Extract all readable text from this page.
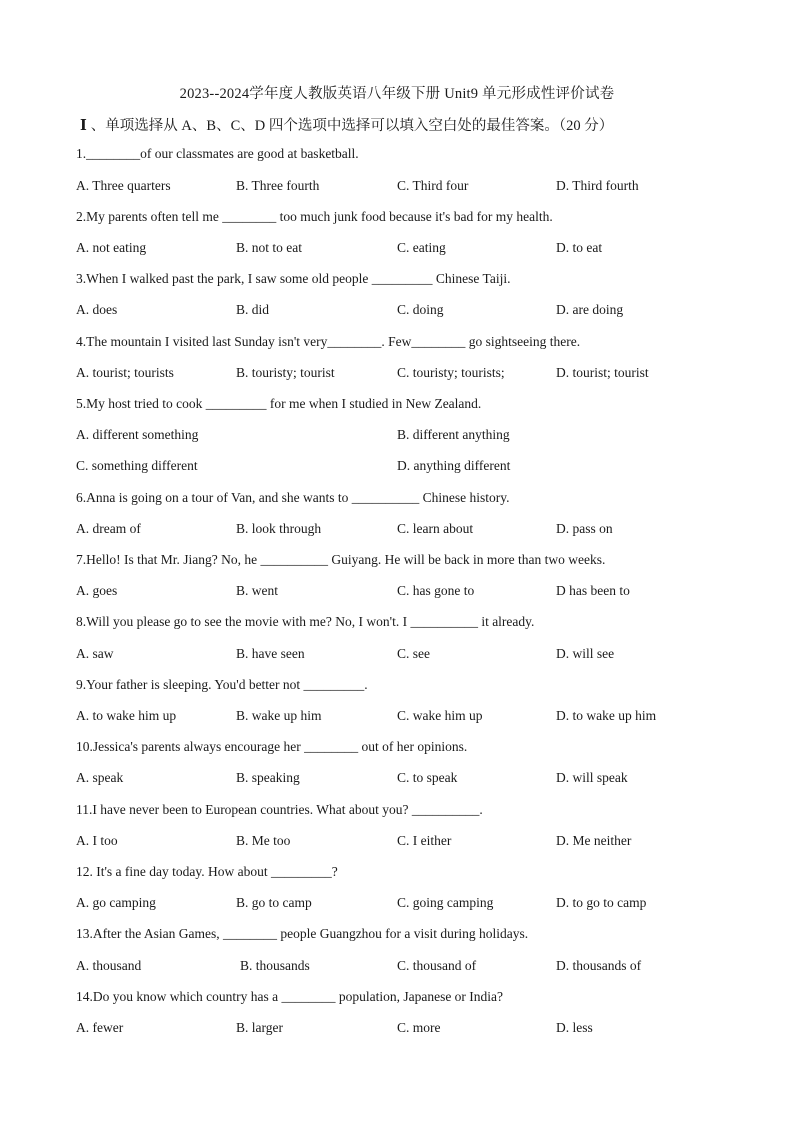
2023--2024学年度人教版英语八年级下册 Unit9 单元形成性评价试卷
Ⅰ 、单项选择从 A、B、C、D 四个选项中选择可以填入空白处的最佳答案。（20 分）
1.________of our classmates are good at basketball.
A. Three quarters	B. Three fourth	C. Third four	D. Third fourth
2.My parents often tell me ________ too much junk food because it's bad for my health.
A. not eating	B. not to eat	C. eating	D. to eat
3.When I walked past the park, I saw some old people _________ Chinese Taiji.
A. does	B. did	C. doing	D. are doing
4.The mountain I visited last Sunday isn't very________. Few________ go sightseeing there.
A. tourist; tourists	B. touristy; tourist	C. touristy; tourists;	D. tourist; tourist
5.My host tried to cook _________ for me when I studied in New Zealand.
A. different something	B. different anything
C. something different	D. anything different
6.Anna is going on a tour of Van, and she wants to __________ Chinese history.
A. dream of	B. look through	C. learn about	D. pass on
7.Hello! Is that Mr. Jiang? No, he __________ Guiyang. He will be back in more than two weeks.
A. goes	B. went	C. has gone to	D has been to
8.Will you please go to see the movie with me? No, I won't. I __________ it already.
A. saw	B. have seen	C. see	D. will see
9.Your father is sleeping. You'd better not _________.
A. to wake him up	B. wake up him	C. wake him up	D. to wake up him
10.Jessica's parents always encourage her ________ out of her opinions.
A. speak	B. speaking	C. to speak	D. will speak
11.I have never been to European countries. What about you? __________.
A. I too	B. Me too	C. I either	D. Me neither
12. It's a fine day today. How about _________?
A. go camping	B. go to camp	C. going camping	D. to go to camp
13.After the Asian Games, ________ people Guangzhou for a visit during holidays.
A. thousand	B. thousands	C. thousand of	D. thousands of
14.Do you know which country has a ________ population, Japanese or India?
A. fewer	B. larger	C. more	D. less
